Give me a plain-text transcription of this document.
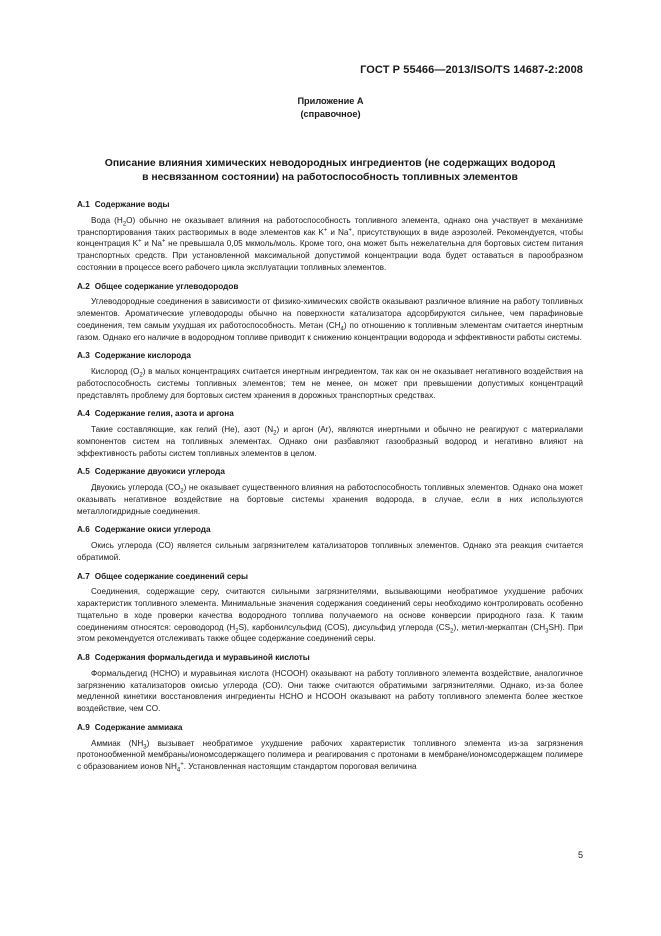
ГОСТ Р 55466—2013/ISO/TS 14687-2:2008
Приложение А
(справочное)
Описание влияния химических неводородных ингредиентов (не содержащих водород
в несвязанном состоянии) на работоспособность топливных элементов
А.1 Содержание воды
Вода $(H_2O)$ обычно не оказывает влияния на работоспособность топливного элемента, однако она участвует в механизме транспортирования таких растворимых в воде элементов как K+ и Na+, присутствующих в виде аэрозолей. Рекомендуется, чтобы концентрация K+ и Na+ не превышала 0,05 мкмоль/моль. Кроме того, она может быть нежелательна для бортовых систем питания транспортных средств. При установленной максимальной допустимой концентрации вода будет оставаться в парообразном состоянии в процессе всего рабочего цикла эксплуатации топливных элементов.
А.2 Общее содержание углеводородов
Углеводородные соединения в зависимости от физико-химических свойств оказывают различное влияние на работу топливных элементов. Ароматические углеводороды обычно на поверхности катализатора адсорбируются сильнее, чем парафиновые соединения, тем самым ухудшая их работоспособность. Метан $(CH_4)$ по отношению к топливным элементам считается инертным газом. Однако его наличие в водородном топливе приводит к снижению концентрации водорода и эффективности работы системы.
А.3 Содержание кислорода
Кислород $(O_2)$ в малых концентрациях считается инертным ингредиентом, так как он не оказывает негативного воздействия на работоспособность системы топливных элементов; тем не менее, он может при превышении допустимых концентраций представлять проблему для бортовых систем хранения в дорожных транспортных средствах.
А.4 Содержание гелия, азота и аргона
Такие составляющие, как гелий (He), азот $(N_2)$ и аргон (Ar), являются инертными и обычно не реагируют с материалами компонентов систем на топливных элементах. Однако они разбавляют газообразный водород и негативно влияют на эффективность работы систем топливных элементов в целом.
А.5 Содержание двуокиси углерода
Двуокись углерода $(CO_2)$ не оказывает существенного влияния на работоспособность топливных элементов. Однако она может оказывать негативное воздействие на бортовые системы хранения водорода, в случае, если в них используются металлогидридные соединения.
А.6 Содержание окиси углерода
Окись углерода (CO) является сильным загрязнителем катализаторов топливных элементов. Однако эта реакция считается обратимой.
А.7 Общее содержание соединений серы
Соединения, содержащие серу, считаются сильными загрязнителями, вызывающими необратимое ухудшение рабочих характеристик топливного элемента. Минимальные значения содержания соединений серы необходимо контролировать особенно тщательно в ходе проверки качества водородного топлива получаемого на основе конверсии природного газа. К таким соединениям относятся: сероводород $(H_2S)$, карбонилсульфид (COS), дисульфид углерода $(CS_2)$, метил-меркаптан $(CH_3SH)$. При этом рекомендуется отслеживать также общее содержание соединений серы.
А.8 Содержания формальдегида и муравьиной кислоты
Формальдегид (HCHO) и муравьиная кислота (HCOOH) оказывают на работу топливного элемента воздействие, аналогичное загрязнению катализаторов окисью углерода (CO). Они также считаются обратимыми загрязнителями. Однако, из-за более медленной кинетики восстановления ингредиенты HCHO и HCOOH оказывают на работу топливного элемента более жесткое воздействие, чем CO.
А.9 Содержание аммиака
Аммиак $(NH_3)$ вызывает необратимое ухудшение рабочих характеристик топливного элемента из-за загрязнения протонообменной мембраны/иономсодержащего полимера и реагирования с протонами в мембране/иономсодержащем полимере с образованием ионов $NH_4^+$. Установленная настоящим стандартом пороговая величина
5
